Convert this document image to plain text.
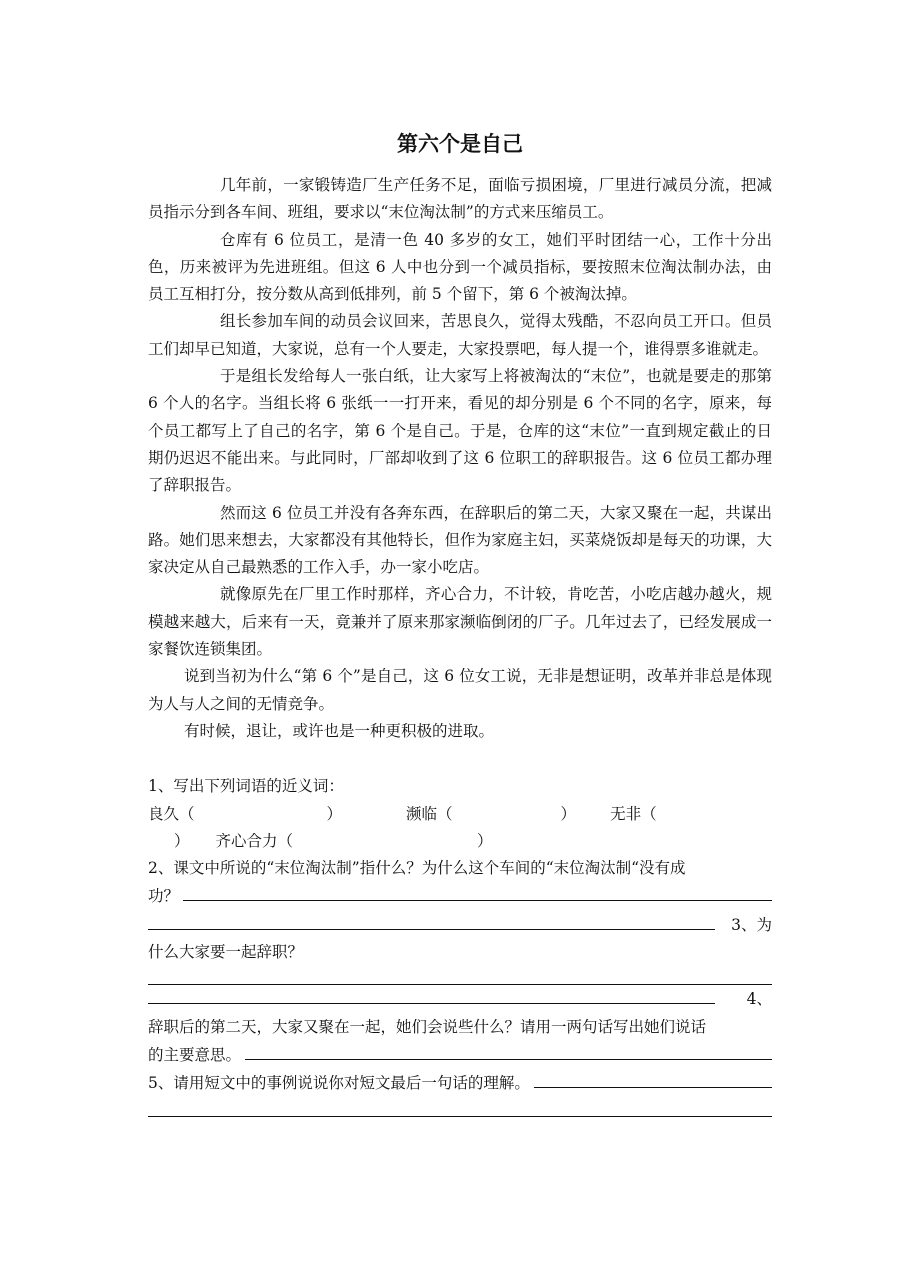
第六个是自己

几年前，一家锻铸造厂生产任务不足，面临亏损困境，厂里进行减员分流，把减员指示分到各车间、班组，要求以“末位淘汰制”的方式来压缩员工。

仓库有 6 位员工，是清一色 40 多岁的女工，她们平时团结一心，工作十分出色，历来被评为先进班组。但这 6 人中也分到一个减员指标，要按照末位淘汰制办法，由员工互相打分，按分数从高到低排列，前 5 个留下，第 6 个被淘汰掉。

组长参加车间的动员会议回来，苦思良久，觉得太残酷，不忍向员工开口。但员工们却早已知道，大家说，总有一个人要走，大家投票吧，每人提一个，谁得票多谁就走。

于是组长发给每人一张白纸，让大家写上将被淘汰的“末位”，也就是要走的那第 6 个人的名字。当组长将 6 张纸一一打开来，看见的却分别是 6 个不同的名字，原来，每个员工都写上了自己的名字，第 6 个是自己。于是，仓库的这“末位”一直到规定截止的日期仍迟迟不能出来。与此同时，厂部却收到了这 6 位职工的辞职报告。这 6 位员工都办理了辞职报告。

然而这 6 位员工并没有各奔东西，在辞职后的第二天，大家又聚在一起，共谋出路。她们思来想去，大家都没有其他特长，但作为家庭主妇，买菜烧饭却是每天的功课，大家决定从自己最熟悉的工作入手，办一家小吃店。

就像原先在厂里工作时那样，齐心合力，不计较，肯吃苦，小吃店越办越火，规模越来越大，后来有一天，竟兼并了原来那家濒临倒闭的厂子。几年过去了，已经发展成一家餐饮连锁集团。

说到当初为什么“第 6 个”是自己，这 6 位女工说，无非是想证明，改革并非总是体现为人与人之间的无情竞争。

有时候，退让，或许也是一种更积极的进取。

1、写出下列词语的近义词：

良久（	）	濒临（	） 无非（
） 齐心合力（	）

2、课文中所说的“末位淘汰制”指什么？为什么这个车间的“末位淘汰制“没有成

功？
3、为

什么大家要一起辞职？

4、

辞职后的第二天，大家又聚在一起，她们会说些什么？请用一两句话写出她们说话

的主要意思。
5、请用短文中的事例说说你对短文最后一句话的理解。
